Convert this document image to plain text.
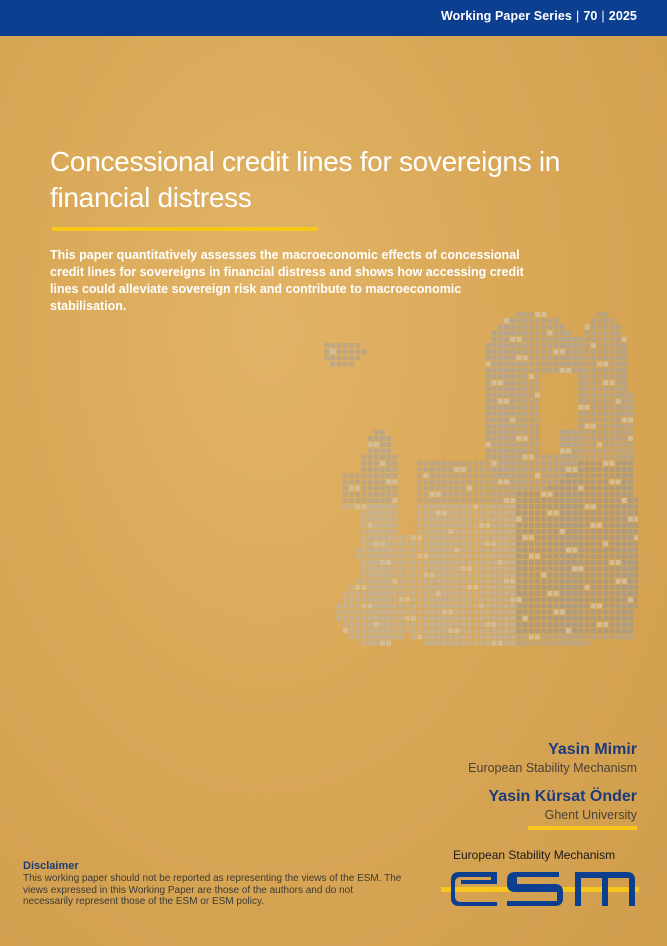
Working Paper Series | 70 | 2025
Concessional credit lines for sovereigns in financial distress
This paper quantitatively assesses the macroeconomic effects of concessional credit lines for sovereigns in financial distress and shows how accessing credit lines could alleviate sovereign risk and contribute to macroeconomic stabilisation.
Yasin Mimir
European Stability Mechanism
Yasin Kürsat Önder
Ghent University
Disclaimer
This working paper should not be reported as representing the views of the ESM. The views expressed in this Working Paper are those of the authors and do not necessarily represent those of the ESM or ESM policy.
European Stability Mechanism
